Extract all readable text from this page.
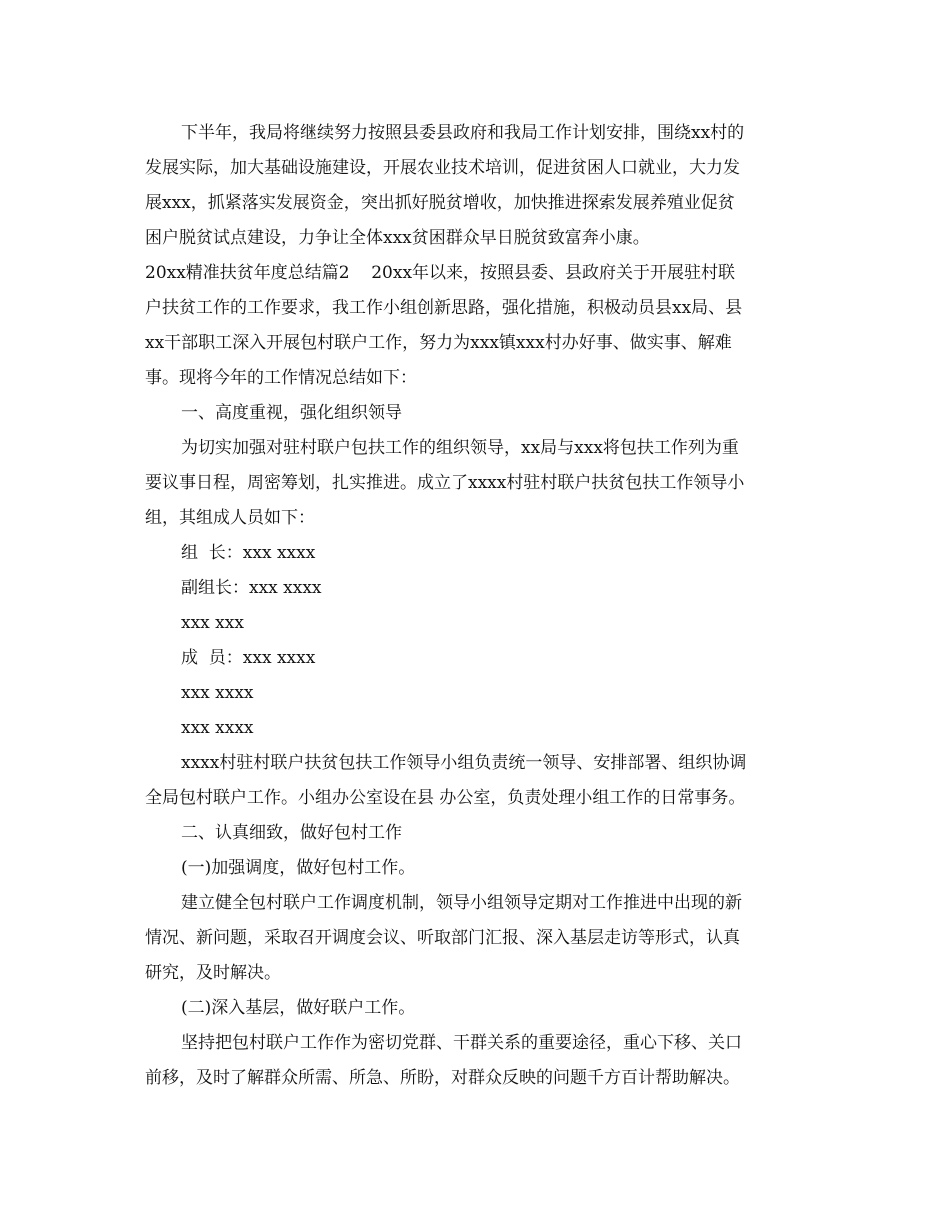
下半年，我局将继续努力按照县委县政府和我局工作计划安排，围绕xx村的
发展实际，加大基础设施建设，开展农业技术培训，促进贫困人口就业，大力发
展xxx，抓紧落实发展资金，突出抓好脱贫增收，加快推进探索发展养殖业促贫
困户脱贫试点建设，力争让全体xxx贫困群众早日脱贫致富奔小康。
20xx精准扶贫年度总结篇2    20xx年以来，按照县委、县政府关于开展驻村联
户扶贫工作的工作要求，我工作小组创新思路，强化措施，积极动员县xx局、县
xx干部职工深入开展包村联户工作，努力为xxx镇xxx村办好事、做实事、解难
事。现将今年的工作情况总结如下：
一、高度重视，强化组织领导
为切实加强对驻村联户包扶工作的组织领导，xx局与xxx将包扶工作列为重
要议事日程，周密筹划，扎实推进。成立了xxxx村驻村联户扶贫包扶工作领导小
组，其组成人员如下：
组  长：xxx xxxx
副组长：xxx xxxx
xxx xxx
成  员：xxx xxxx
xxx xxxx
xxx xxxx
xxxx村驻村联户扶贫包扶工作领导小组负责统一领导、安排部署、组织协调
全局包村联户工作。小组办公室设在县 办公室，负责处理小组工作的日常事务。
二、认真细致，做好包村工作
(一)加强调度，做好包村工作。
建立健全包村联户工作调度机制，领导小组领导定期对工作推进中出现的新
情况、新问题，采取召开调度会议、听取部门汇报、深入基层走访等形式，认真
研究，及时解决。
(二)深入基层，做好联户工作。
坚持把包村联户工作作为密切党群、干群关系的重要途径，重心下移、关口
前移，及时了解群众所需、所急、所盼，对群众反映的问题千方百计帮助解决。
